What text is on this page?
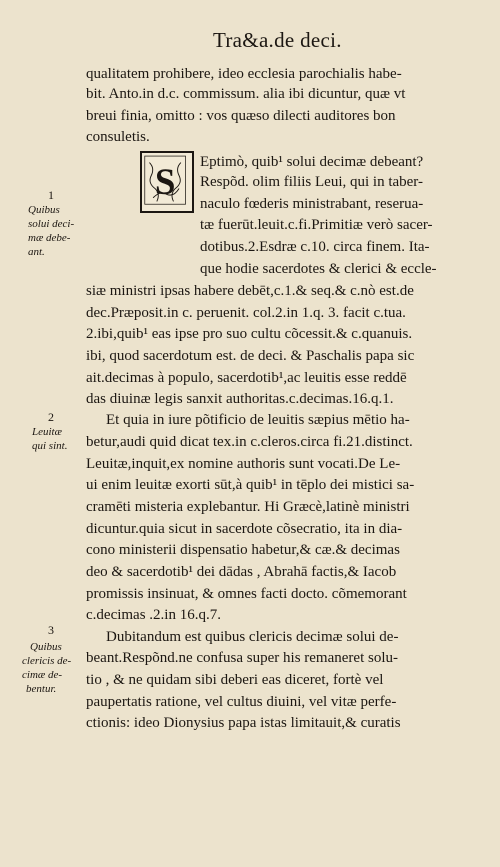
Tra&a.de deci.
S
qualitatem prohibere, ideo ecclesia parochialis habe-
bit. Anto.in d.c. commissum. alia ibi dicuntur, quæ vt
breui finia, omitto : vos quæso dilecti auditores bon
consuletis.
Eptimò, quib¹ solui decimæ debeant?
Respõd. olim filiis Leui, qui in taber-
naculo fœderis ministrabant, reserua-
tæ fuerūt.leuit.c.fi.Primitiæ verò sacer-
dotibus.2.Esdræ c.10. circa finem. Ita-
que hodie sacerdotes & clerici & eccle-
siæ ministri ipsas habere debēt,c.1.& seq.& c.nò est.de
dec.Præposit.in c. peruenit. col.2.in 1.q. 3. facit c.tua.
2.ibi,quib¹ eas ipse pro suo cultu cõcessit.& c.quanuis.
ibi, quod sacerdotum est. de deci. & Paschalis papa sic
ait.decimas à populo, sacerdotib¹,ac leuitis esse reddē
das diuinæ legis sanxit authoritas.c.decimas.16.q.1.
Et quia in iure põtificio de leuitis sæpius mētio ha-
betur,audi quid dicat tex.in c.cleros.circa fi.21.distinct.
Leuitæ,inquit,ex nomine authoris sunt vocati.De Le-
ui enim leuitæ exorti sūt,à quib¹ in tēplo dei mistici sa-
cramēti misteria explebantur. Hi Græcè,latinè ministri
dicuntur.quia sicut in sacerdote cõsecratio, ita in dia-
cono ministerii dispensatio habetur,& cæ.& decimas
deo & sacerdotib¹ dei dādas , Abrahā factis,& Iacob
promissis insinuat, & omnes facti docto. cõmemorant
c.decimas .2.in 16.q.7.
Dubitandum est quibus clericis decimæ solui de-
beant.Respõnd.ne confusa super his remaneret solu-
tio , & ne quidam sibi deberi eas diceret, fortè vel
paupertatis ratione, vel cultus diuini, vel vitæ perfe-
ctionis: ideo Dionysius papa istas limitauit,& curatis
1
2
3
Quibus
solui deci-
mæ debe-
ant.
Leuitæ
qui sint.
Quibus
clericis de-
cimæ de-
bentur.
